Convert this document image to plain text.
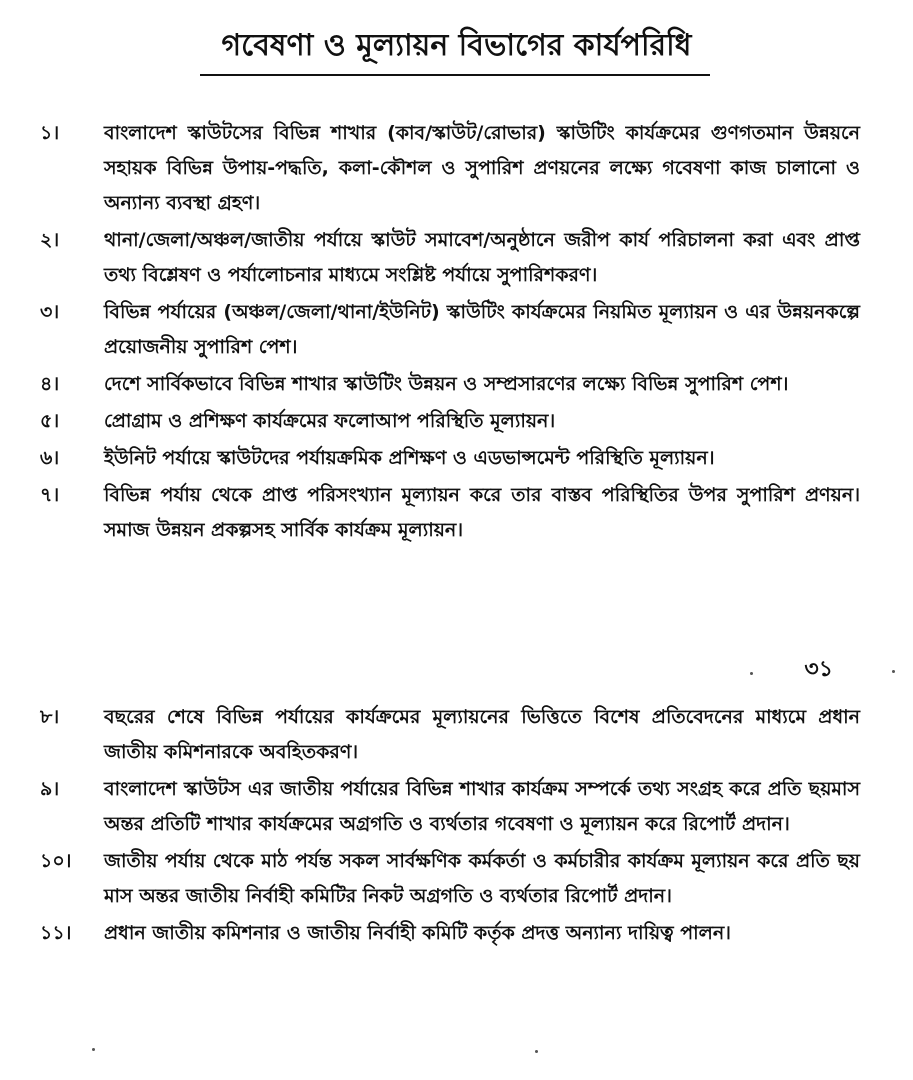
গবেষণা ও মূল্যায়ন বিভাগের কার্যপরিধি
১।	বাংলাদেশ স্কাউটসের বিভিন্ন শাখার (কাব/স্কাউট/রোভার) স্কাউটিং কার্যক্রমের গুণগতমান উন্নয়নে সহায়ক বিভিন্ন উপায়-পদ্ধতি, কলা-কৌশল ও সুপারিশ প্রণয়নের লক্ষ্যে গবেষণা কাজ চালানো ও অন্যান্য ব্যবস্থা গ্রহণ।
২।	থানা/জেলা/অঞ্চল/জাতীয় পর্যায়ে স্কাউট সমাবেশ/অনুষ্ঠানে জরীপ কার্য পরিচালনা করা এবং প্রাপ্ত তথ্য বিশ্লেষণ ও পর্যালোচনার মাধ্যমে সংশ্লিষ্ট পর্যায়ে সুপারিশকরণ।
৩।	বিভিন্ন পর্যায়ের (অঞ্চল/জেলা/থানা/ইউনিট) স্কাউটিং কার্যক্রমের নিয়মিত মূল্যায়ন ও এর উন্নয়নকল্পে প্রয়োজনীয় সুপারিশ পেশ।
৪।	দেশে সার্বিকভাবে বিভিন্ন শাখার স্কাউটিং উন্নয়ন ও সম্প্রসারণের লক্ষ্যে বিভিন্ন সুপারিশ পেশ।
৫।	প্রোগ্রাম ও প্রশিক্ষণ কার্যক্রমের ফলোআপ পরিস্থিতি মূল্যায়ন।
৬।	ইউনিট পর্যায়ে স্কাউটদের পর্যায়ক্রমিক প্রশিক্ষণ ও এডভান্সমেন্ট পরিস্থিতি মূল্যায়ন।
৭।	বিভিন্ন পর্যায় থেকে প্রাপ্ত পরিসংখ্যান মূল্যায়ন করে তার বাস্তব পরিস্থিতির উপর সুপারিশ প্রণয়ন। সমাজ উন্নয়ন প্রকল্পসহ সার্বিক কার্যক্রম মূল্যায়ন।
৩১
৮।	বছরের শেষে বিভিন্ন পর্যায়ের কার্যক্রমের মূল্যায়নের ভিত্তিতে বিশেষ প্রতিবেদনের মাধ্যমে প্রধান জাতীয় কমিশনারকে অবহিতকরণ।
৯।	বাংলাদেশ স্কাউটস এর জাতীয় পর্যায়ের বিভিন্ন শাখার কার্যক্রম সম্পর্কে তথ্য সংগ্রহ করে প্রতি ছয়মাস অন্তর প্রতিটি শাখার কার্যক্রমের অগ্রগতি ও ব্যর্থতার গবেষণা ও মূল্যায়ন করে রিপোর্ট প্রদান।
১০।	জাতীয় পর্যায় থেকে মাঠ পর্যন্ত সকল সার্বক্ষণিক কর্মকর্তা ও কর্মচারীর কার্যক্রম মূল্যায়ন করে প্রতি ছয় মাস অন্তর জাতীয় নির্বাহী কমিটির নিকট অগ্রগতি ও ব্যর্থতার রিপোর্ট প্রদান।
১১।	প্রধান জাতীয় কমিশনার ও জাতীয় নির্বাহী কমিটি কর্তৃক প্রদত্ত অন্যান্য দায়িত্ব পালন।
